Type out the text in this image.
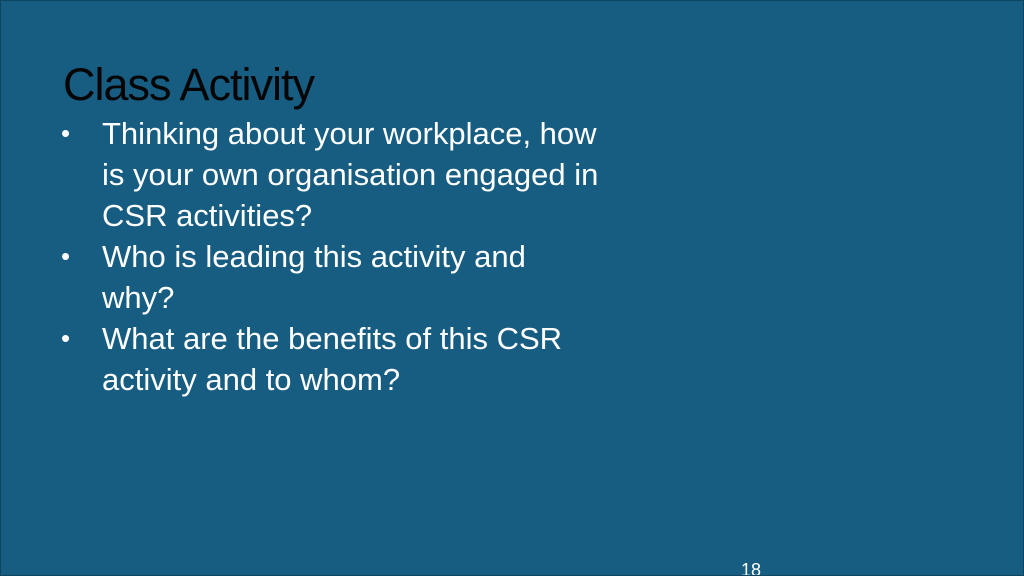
Class Activity
•	Thinking about your workplace, how is your own organisation engaged in CSR activities?
•	Who is leading this activity and why?
•	What are the benefits of this CSR activity and to whom?
18
